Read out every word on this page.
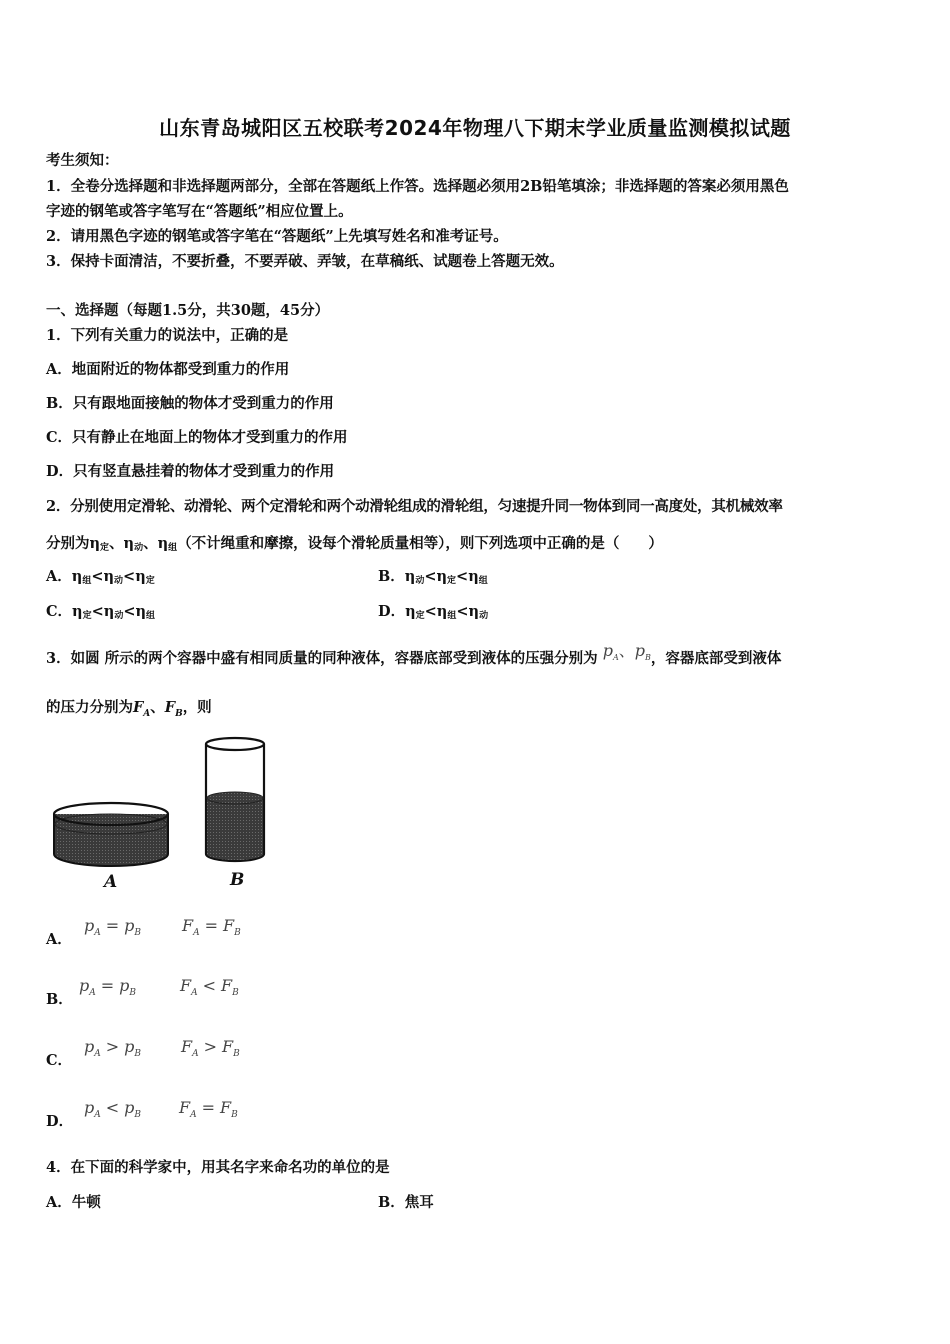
山东青岛城阳区五校联考2024年物理八下期末学业质量监测模拟试题
考生须知：
1．全卷分选择题和非选择题两部分，全部在答题纸上作答。选择题必须用2B铅笔填涂；非选择题的答案必须用黑色
字迹的钢笔或答字笔写在“答题纸”相应位置上。
2．请用黑色字迹的钢笔或答字笔在“答题纸”上先填写姓名和准考证号。
3．保持卡面清洁，不要折叠，不要弄破、弄皱，在草稿纸、试题卷上答题无效。
一、选择题（每题1.5分，共30题，45分）
1．下列有关重力的说法中，正确的是
A．地面附近的物体都受到重力的作用
B．只有跟地面接触的物体才受到重力的作用
C．只有静止在地面上的物体才受到重力的作用
D．只有竖直悬挂着的物体才受到重力的作用
2．分别使用定滑轮、动滑轮、两个定滑轮和两个动滑轮组成的滑轮组，匀速提升同一物体到同一高度处，其机械效率
分别为$\eta_定$、$\eta_动$、$\eta_组$（不计绳重和摩擦，设每个滑轮质量相等），则下列选项中正确的是（　　）
A．$\eta_组<\eta_动<\eta_定$	B．$\eta_动<\eta_定<\eta_组$
C．$\eta_定<\eta_动<\eta_组$	D．$\eta_定<\eta_组<\eta_动$
3．如圆 所示的两个容器中盛有相同质量的同种液体，容器底部受到液体的压强分别为 $p_A$、$p_B$，容器底部受到液体
的压力分别为$F_A$、$F_B$，则
A	B
A．
$p_A = p_B$	$F_A = F_B$
B．
$p_A = p_B$	$F_A < F_B$
C．
$p_A > p_B$ $F_A > F_B$
D．
$p_A < p_B$ $F_A = F_B$
4．在下面的科学家中，用其名字来命名功的单位的是
A．牛顿	B．焦耳
